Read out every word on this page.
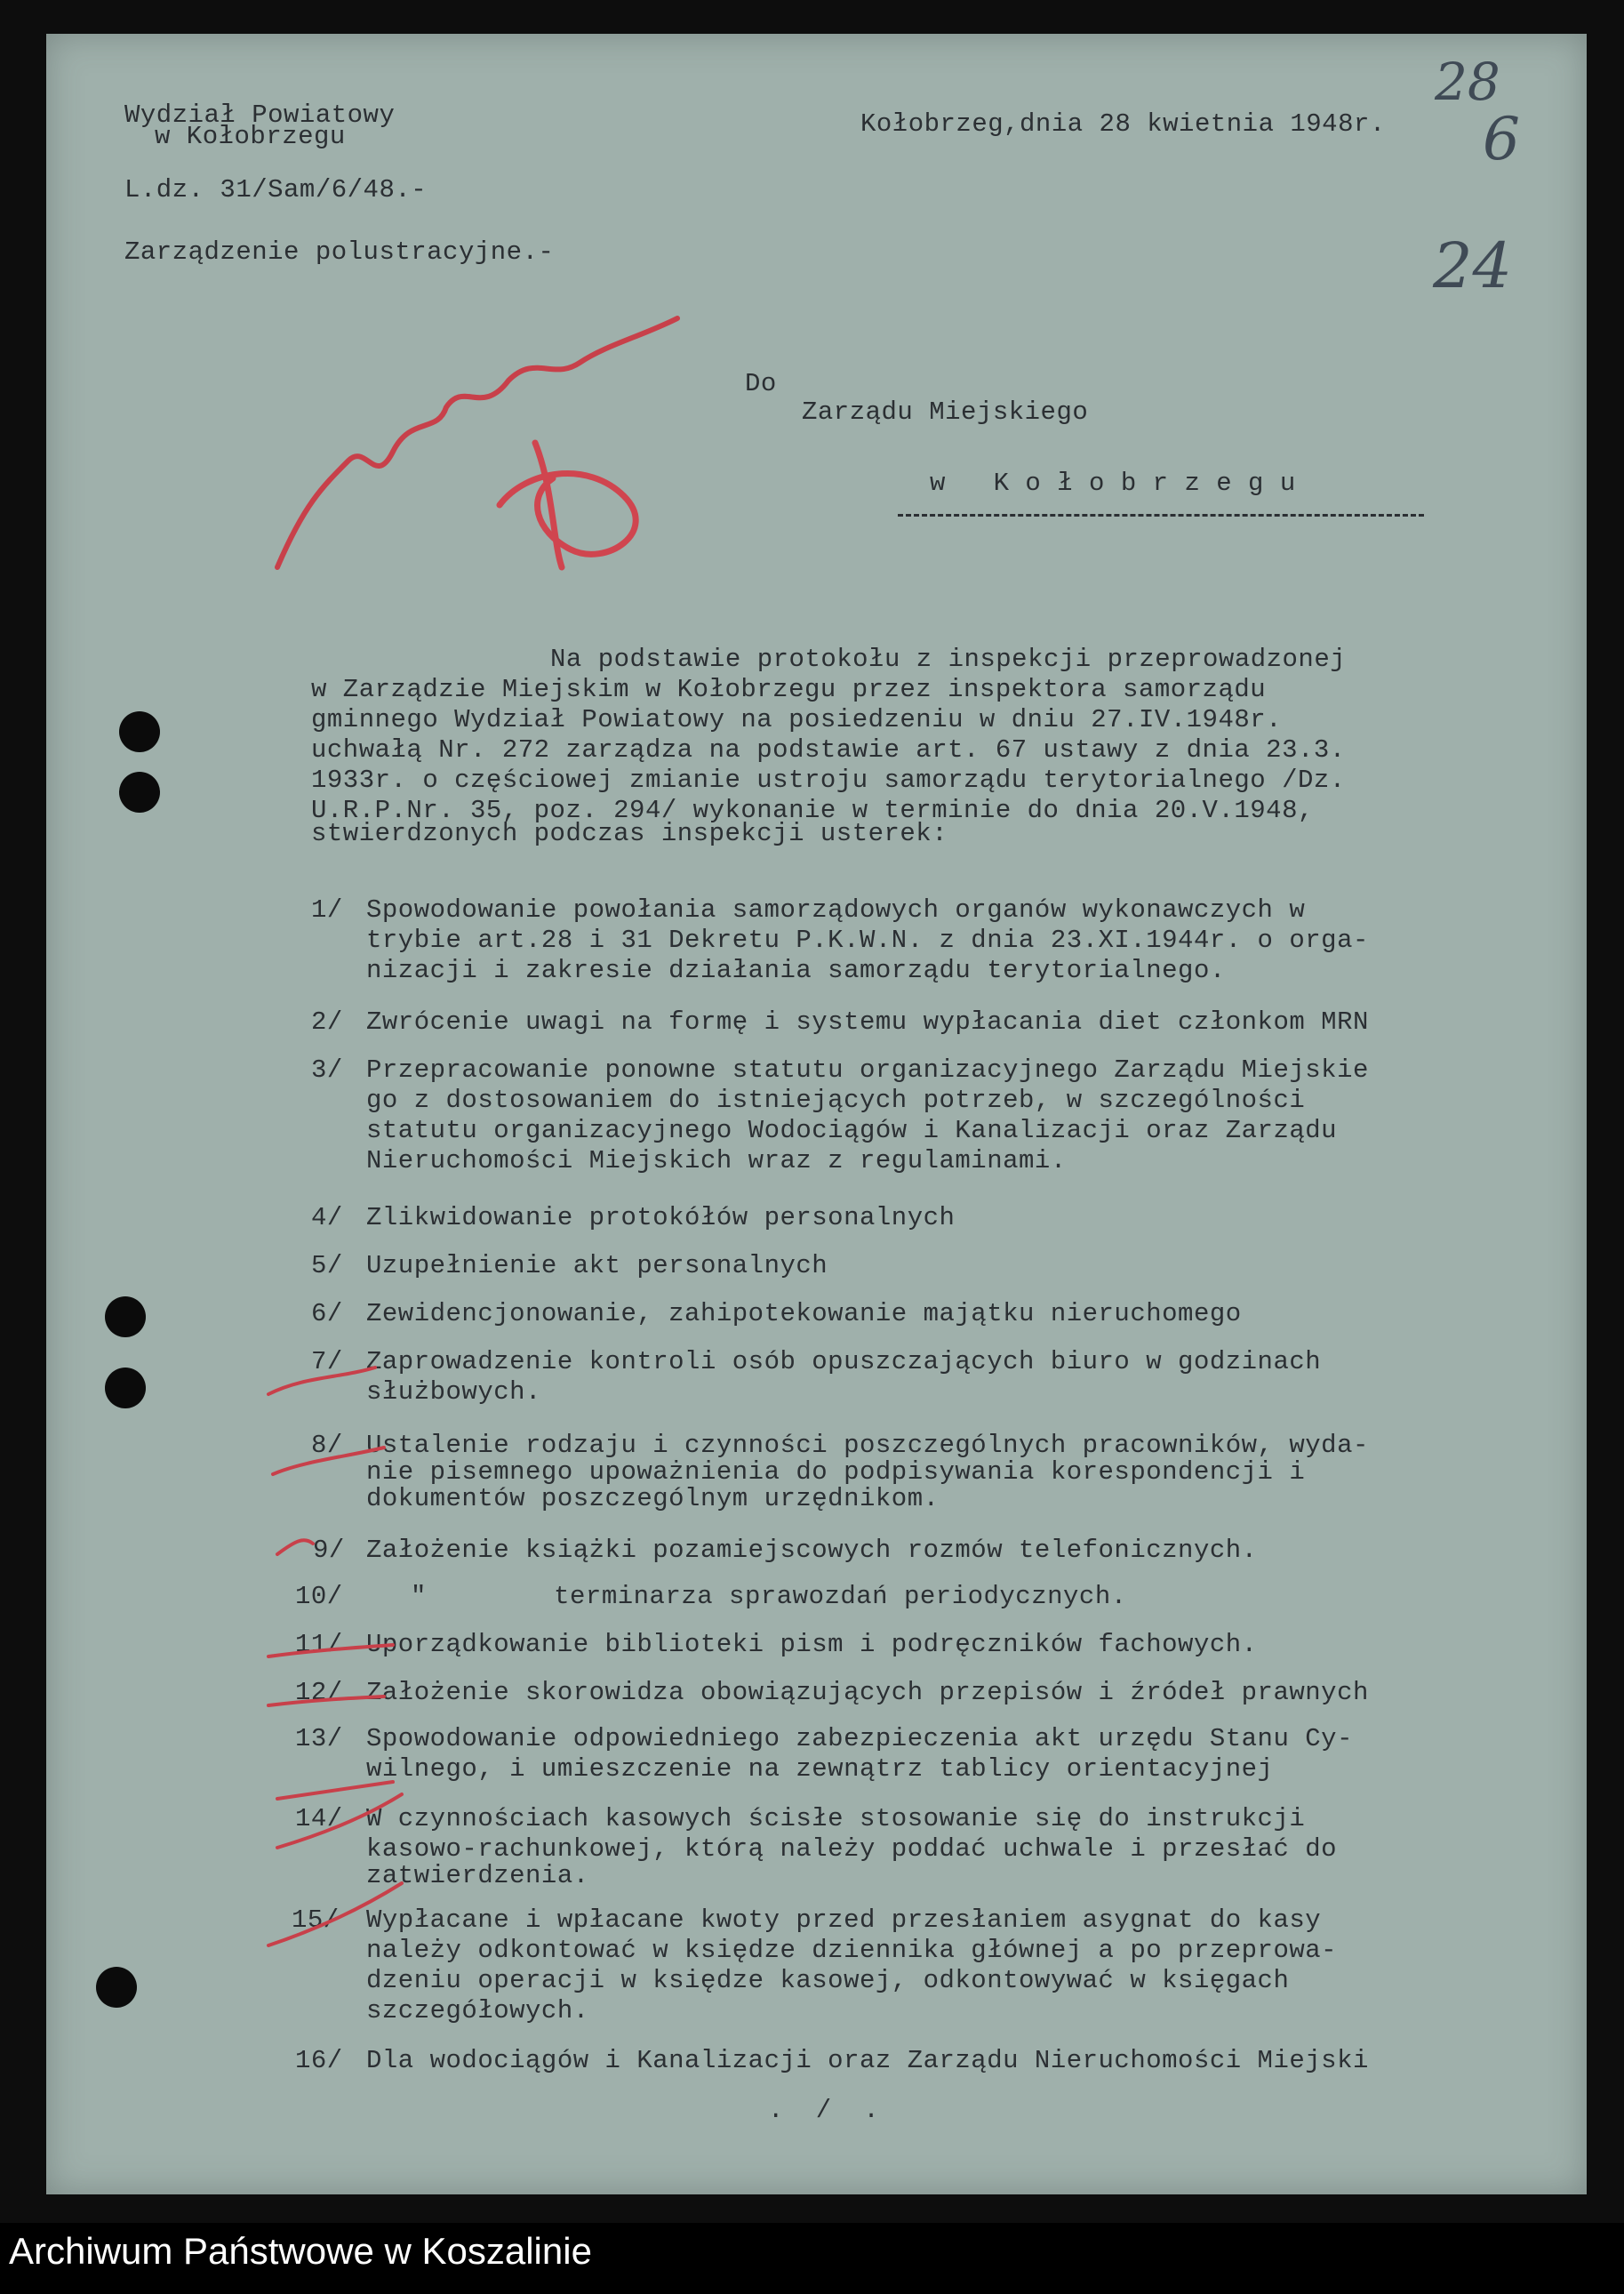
Wydział Powiatowy
w Kołobrzegu	Kołobrzeg,dnia 28 kwietnia 1948r.
L.dz. 31/Sam/6/48.-
Zarządzenie polustracyjne.-
28
6
24
Do
Zarządu Miejskiego
w   K o ł o b r z e g u
Na podstawie protokołu z inspekcji przeprowadzonej
w Zarządzie Miejskim w Kołobrzegu przez inspektora samorządu
gminnego Wydział Powiatowy na posiedzeniu w dniu 27.IV.1948r.
uchwałą Nr. 272 zarządza na podstawie art. 67 ustawy z dnia 23.3.
1933r. o częściowej zmianie ustroju samorządu terytorialnego /Dz.
U.R.P.Nr. 35, poz. 294/ wykonanie w terminie do dnia 20.V.1948,
stwierdzonych podczas inspekcji usterek:
1/ Spowodowanie powołania samorządowych organów wykonawczych w
trybie art.28 i 31 Dekretu P.K.W.N. z dnia 23.XI.1944r. o orga-
nizacji i zakresie działania samorządu terytorialnego.
2/ Zwrócenie uwagi na formę i systemu wypłacania diet członkom MRN
3/ Przepracowanie ponowne statutu organizacyjnego Zarządu Miejskie
go z dostosowaniem do istniejących potrzeb, w szczególności
statutu organizacyjnego Wodociągów i Kanalizacji oraz Zarządu
Nieruchomości Miejskich wraz z regulaminami.
4/ Zlikwidowanie protokółów personalnych
5/ Uzupełnienie akt personalnych
6/ Zewidencjonowanie, zahipotekowanie majątku nieruchomego
7/ Zaprowadzenie kontroli osób opuszczających biuro w godzinach
służbowych.
8/ Ustalenie rodzaju i czynności poszczególnych pracowników, wyda-
nie pisemnego upoważnienia do podpisywania korespondencji i
dokumentów poszczególnym urzędnikom.
9/ Założenie książki pozamiejscowych rozmów telefonicznych.
10/	"        terminarza sprawozdań periodycznych.
11/ Uporządkowanie biblioteki pism i podręczników fachowych.
12/ Założenie skorowidza obowiązujących przepisów i źródeł prawnych
13/ Spowodowanie odpowiedniego zabezpieczenia akt urzędu Stanu Cy-
wilnego, i umieszczenie na zewnątrz tablicy orientacyjnej
14/ W czynnościach kasowych ścisłe stosowanie się do instrukcji
kasowo-rachunkowej, którą należy poddać uchwale i przesłać do
zatwierdzenia.
15/ Wypłacane i wpłacane kwoty przed przesłaniem asygnat do kasy
należy odkontować w księdze dziennika głównej a po przeprowa-
dzeniu operacji w księdze kasowej, odkontowywać w księgach
szczegółowych.
16/ Dla wodociągów i Kanalizacji oraz Zarządu Nieruchomości Miejski
.  /  .
Archiwum Państwowe w Koszalinie
